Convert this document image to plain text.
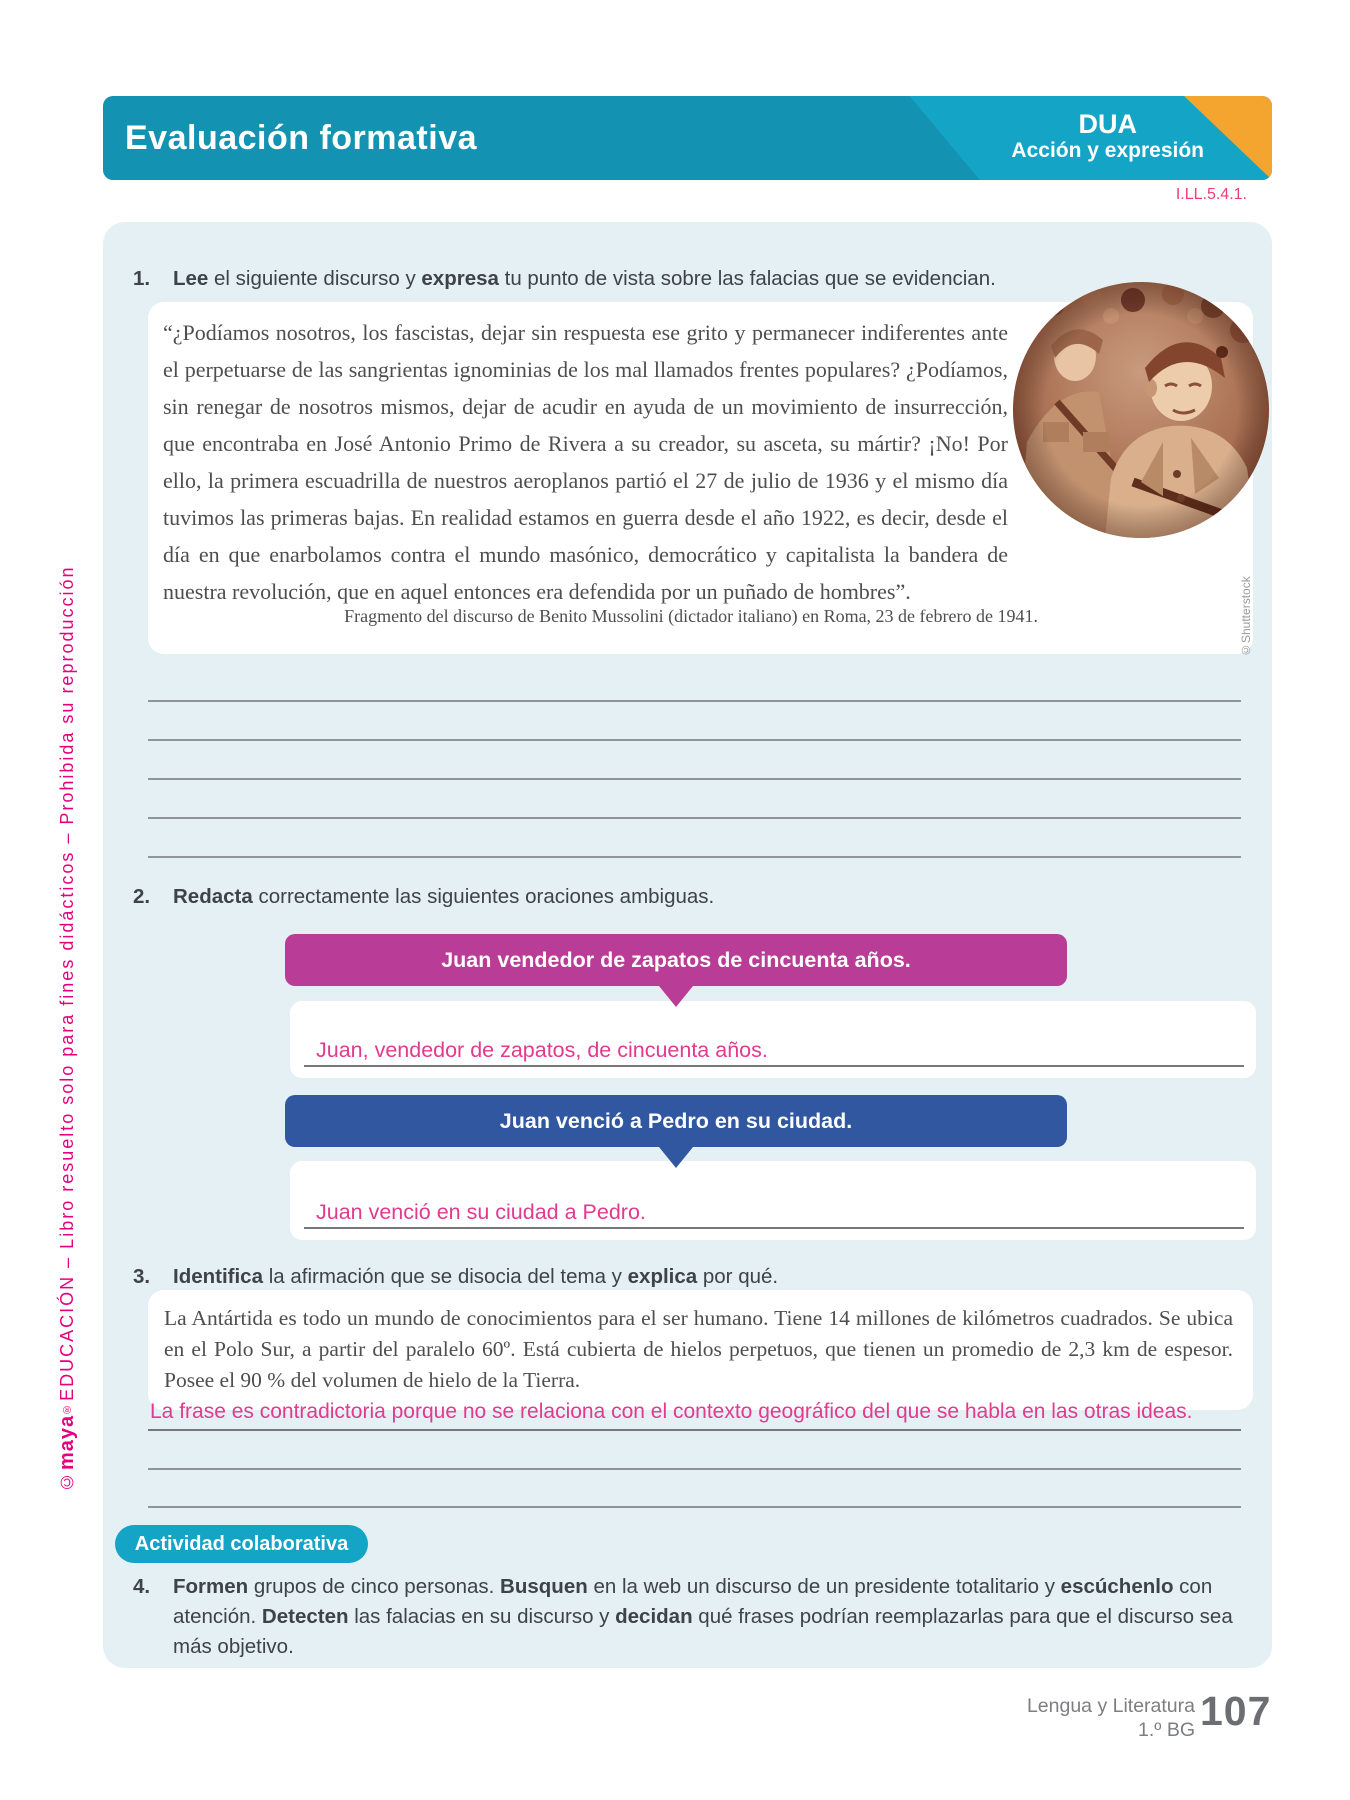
Evaluación formativa	DUA
Acción y expresión
I.LL.5.4.1.
©maya®EDUCACIÓN – Libro resuelto solo para fines didácticos – Prohibida su reproducción
1.	Lee el siguiente discurso y expresa tu punto de vista sobre las falacias que se evidencian.
“¿Podíamos nosotros, los fascistas, dejar sin respuesta ese grito y permanecer indiferentes ante el perpetuarse de las sangrientas ignominias de los mal llamados frentes populares? ¿Podíamos, sin renegar de nosotros mismos, dejar de acudir en ayuda de un movimiento de insurrección, que encontraba en José Antonio Primo de Rivera a su creador, su asceta, su mártir? ¡No! Por ello, la primera escuadrilla de nuestros aeroplanos partió el 27 de julio de 1936 y el mismo día tuvimos las primeras bajas. En realidad estamos en guerra desde el año 1922, es decir, desde el día en que enarbolamos contra el mundo masónico, democrático y capitalista la bandera de nuestra revolución, que en aquel entonces era defendida por un puñado de hombres”.
Fragmento del discurso de Benito Mussolini (dictador italiano) en Roma, 23 de febrero de 1941.	©Shutterstock
2.	Redacta correctamente las siguientes oraciones ambiguas.
Juan vendedor de zapatos de cincuenta años.
Juan, vendedor de zapatos, de cincuenta años.
Juan venció a Pedro en su ciudad.
Juan venció en su ciudad a Pedro.
3.	Identifica la afirmación que se disocia del tema y explica por qué.
La Antártida es todo un mundo de conocimientos para el ser humano. Tiene 14 millones de kilómetros cuadrados. Se ubica en el Polo Sur, a partir del paralelo 60º. Está cubierta de hielos perpetuos, que tienen un promedio de 2,3 km de espesor. Posee el 90 % del volumen de hielo de la Tierra.
La frase es contradictoria porque no se relaciona con el contexto geográfico del que se habla en las otras ideas.
Actividad colaborativa
4.	Formen grupos de cinco personas. Busquen en la web un discurso de un presidente totalitario y escúchenlo con atención. Detecten las falacias en su discurso y decidan qué frases podrían reemplazarlas para que el discurso sea más objetivo.
Lengua y Literatura
1.º BG 107
